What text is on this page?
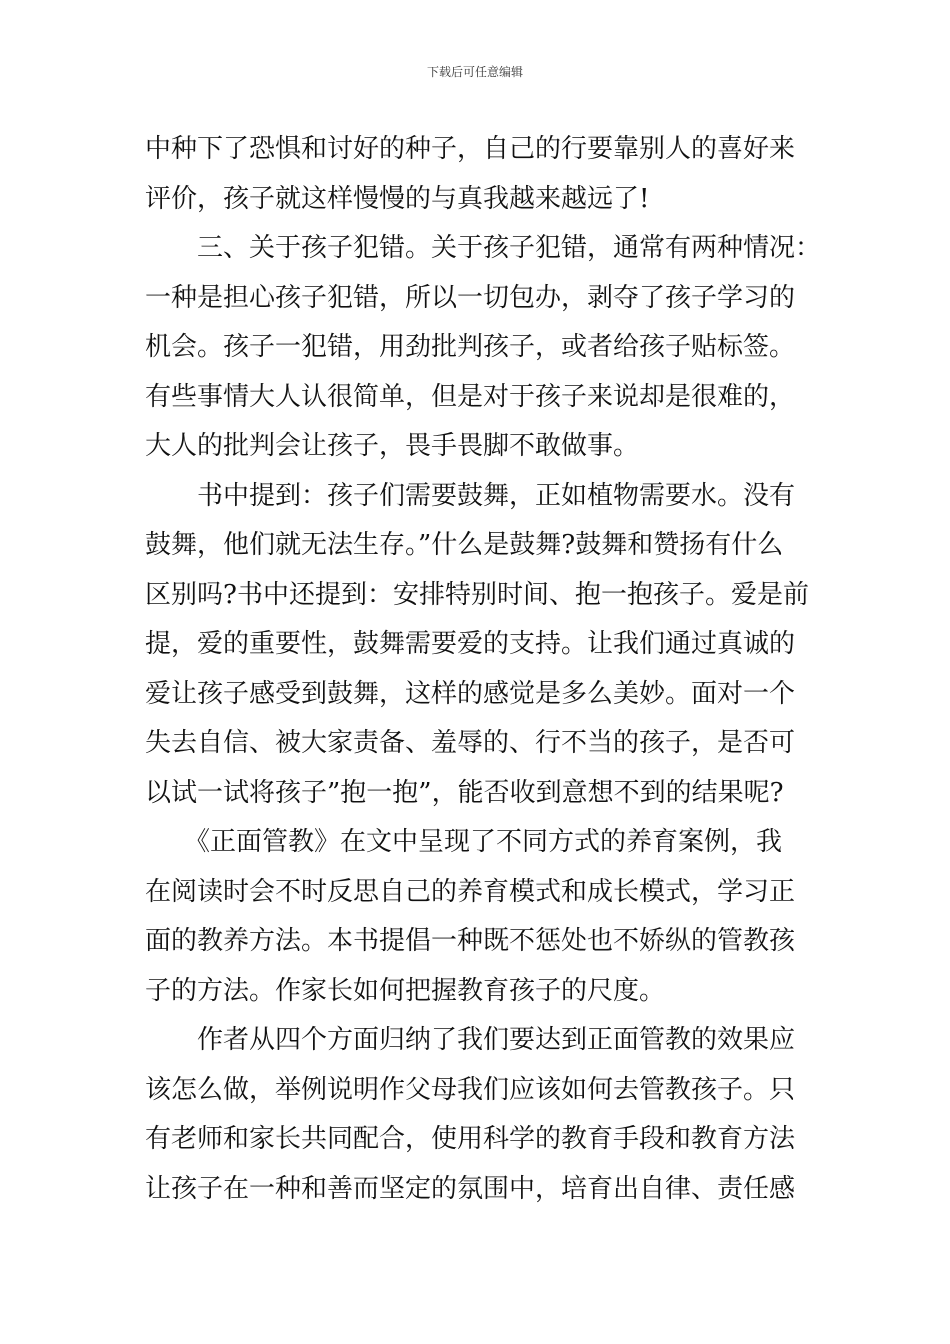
下载后可任意编辑
中种下了恐惧和讨好的种子，自己的行要靠别人的喜好来
评价，孩子就这样慢慢的与真我越来越远了!
　　三、关于孩子犯错。关于孩子犯错，通常有两种情况：
一种是担心孩子犯错，所以一切包办，剥夺了孩子学习的
机会。孩子一犯错，用劲批判孩子，或者给孩子贴标签。
有些事情大人认很简单，但是对于孩子来说却是很难的，
大人的批判会让孩子，畏手畏脚不敢做事。
　　书中提到：孩子们需要鼓舞，正如植物需要水。没有
鼓舞，他们就无法生存。”什么是鼓舞?鼓舞和赞扬有什么
区别吗?书中还提到：安排特别时间、抱一抱孩子。爱是前
提，爱的重要性，鼓舞需要爱的支持。让我们通过真诚的
爱让孩子感受到鼓舞，这样的感觉是多么美妙。面对一个
失去自信、被大家责备、羞辱的、行不当的孩子，是否可
以试一试将孩子”抱一抱”，能否收到意想不到的结果呢?
　　《正面管教》在文中呈现了不同方式的养育案例，我
在阅读时会不时反思自己的养育模式和成长模式，学习正
面的教养方法。本书提倡一种既不惩处也不娇纵的管教孩
子的方法。作家长如何把握教育孩子的尺度。
　　作者从四个方面归纳了我们要达到正面管教的效果应
该怎么做，举例说明作父母我们应该如何去管教孩子。只
有老师和家长共同配合，使用科学的教育手段和教育方法
让孩子在一种和善而坚定的氛围中，培育出自律、责任感
